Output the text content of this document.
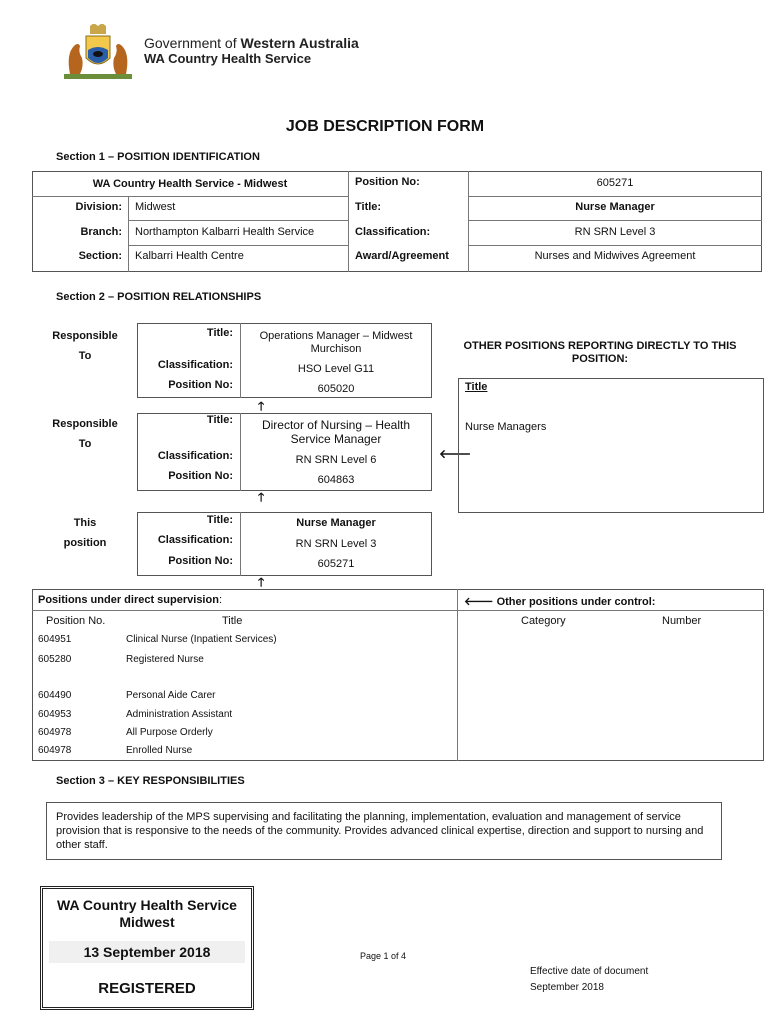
Government of Western Australia
WA Country Health Service
JOB DESCRIPTION FORM
Section 1 – POSITION IDENTIFICATION
WA Country Health Service - Midwest
Division: Midwest
Branch: Northampton Kalbarri Health Service
Section: Kalbarri Health Centre
Position No:	605271
Title:	Nurse Manager
Classification:	RN SRN Level 3
Award/Agreement	Nurses and Midwives Agreement
Section 2 – POSITION RELATIONSHIPS
Responsible
To
Responsible
To
This
position
Title:	Operations Manager – Midwest Murchison
Classification:	HSO Level G11
Position No:	605020
🡑
Title:	Director of Nursing – Health Service Manager
Classification:	RN SRN Level 6
Position No:	604863
🡐
🡑
Title:	Nurse Manager
Classification:	RN SRN Level 3
Position No:	605271
🡑
OTHER POSITIONS REPORTING DIRECTLY TO THIS POSITION:
Title
Nurse Managers
Positions under direct supervision:
Position No.	Title
604951	Clinical Nurse (Inpatient Services)
605280	Registered Nurse
604490	Personal Aide Carer
604953	Administration Assistant
604978	All Purpose Orderly
604978	Enrolled Nurse
🡐 Other positions under control:
Category	Number
Section 3 – KEY RESPONSIBILITIES
Provides leadership of the MPS supervising and facilitating the planning, implementation, evaluation and management of service provision that is responsive to the needs of the community. Provides advanced clinical expertise, direction and support to nursing and other staff.
WA Country Health Service
Midwest
13 September 2018
REGISTERED
Page 1 of 4
Effective date of document
September 2018
